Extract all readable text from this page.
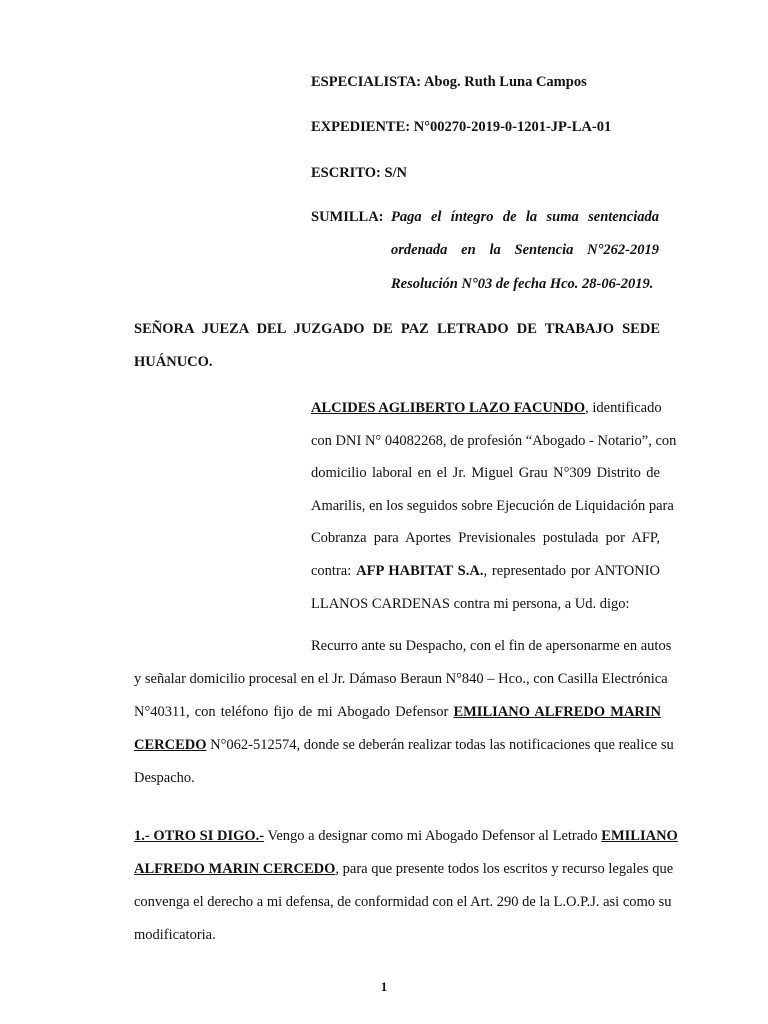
ESPECIALISTA: Abog. Ruth Luna Campos
EXPEDIENTE: N°00270-2019-0-1201-JP-LA-01
ESCRITO: S/N
SUMILLA: Paga el íntegro de la suma sentenciada
ordenada en la Sentencia N°262-2019
Resolución N°03 de fecha Hco. 28-06-2019.
SEÑORA JUEZA DEL JUZGADO DE PAZ LETRADO DE TRABAJO SEDE
HUÁNUCO.
ALCIDES AGLIBERTO LAZO FACUNDO, identificado
con DNI N° 04082268, de profesión “Abogado - Notario”, con
domicilio laboral en el Jr. Miguel Grau N°309 Distrito de
Amarilis, en los seguidos sobre Ejecución de Liquidación para
Cobranza para Aportes Previsionales postulada por AFP,
contra: AFP HABITAT S.A., representado por ANTONIO
LLANOS CARDENAS contra mi persona, a Ud. digo:
Recurro ante su Despacho, con el fin de apersonarme en autos
y señalar domicilio procesal en el Jr. Dámaso Beraun N°840 – Hco., con Casilla Electrónica
N°40311, con teléfono fijo de mi Abogado Defensor EMILIANO ALFREDO MARIN
CERCEDO N°062-512574, donde se deberán realizar todas las notificaciones que realice su
Despacho.
1.- OTRO SI DIGO.- Vengo a designar como mi Abogado Defensor al Letrado EMILIANO
ALFREDO MARIN CERCEDO, para que presente todos los escritos y recurso legales que
convenga el derecho a mi defensa, de conformidad con el Art. 290 de la L.O.P.J. asi como su
modificatoria.
1
